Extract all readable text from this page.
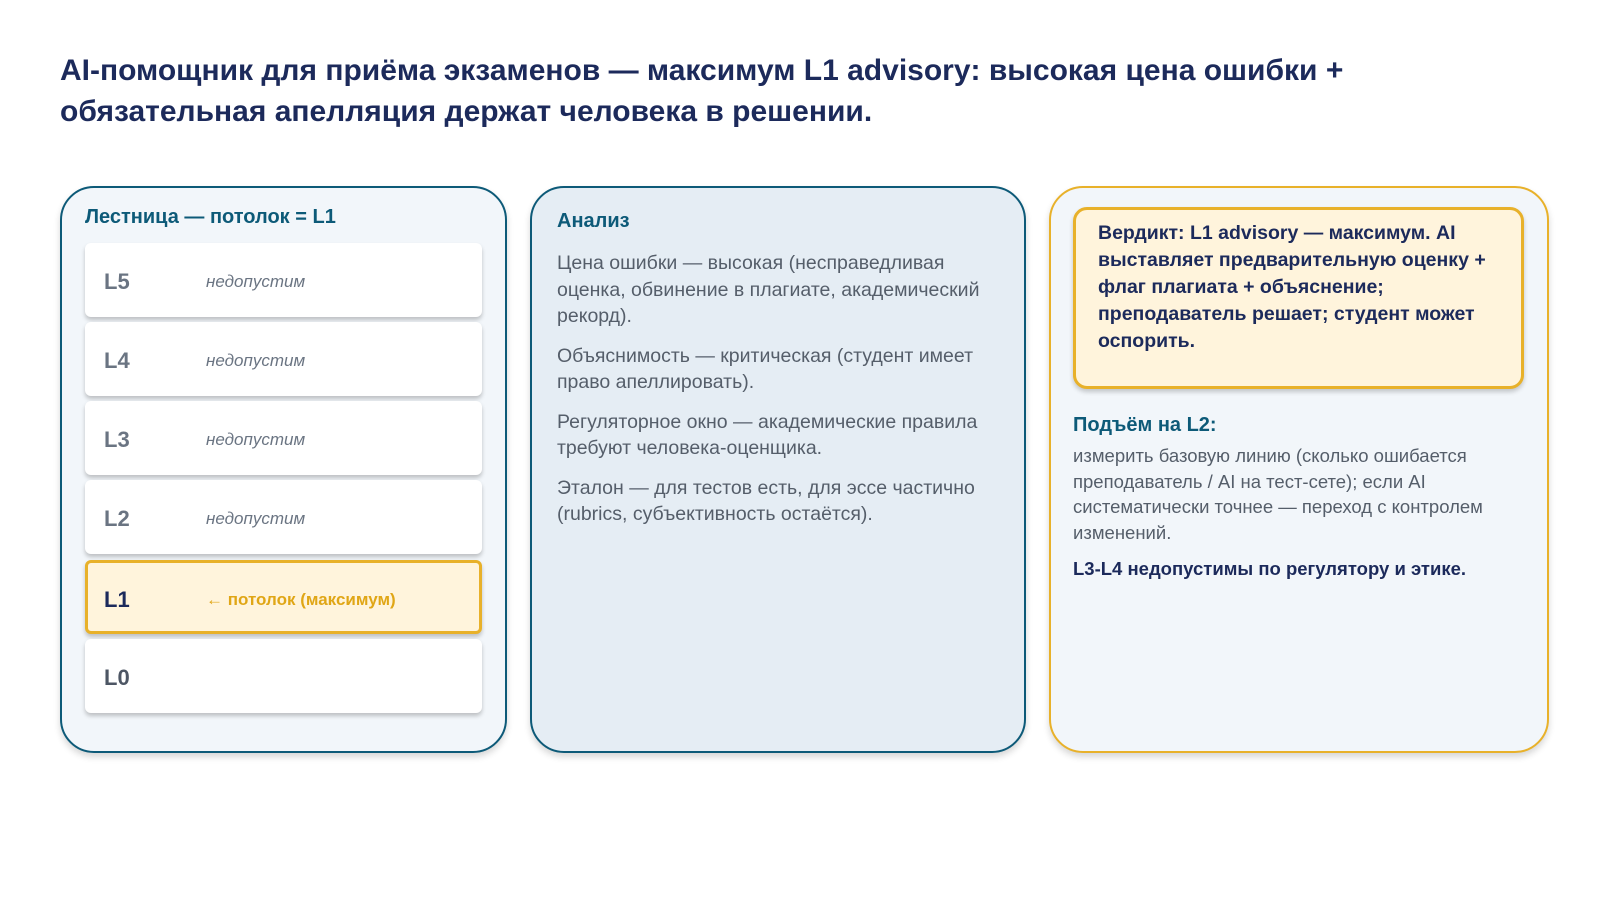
AI-помощник для приёма экзаменов — максимум L1 advisory: высокая цена ошибки + обязательная апелляция держат человека в решении.
Лестница — потолок = L1
L5	недопустим
L4	недопустим
L3	недопустим
L2	недопустим
L1	← потолок (максимум)
L0
Анализ

Цена ошибки — высокая (несправедливая оценка, обвинение в плагиате, академический рекорд).

Объяснимость — критическая (студент имеет право апеллировать).

Регуляторное окно — академические правила требуют человека-оценщика.

Эталон — для тестов есть, для эссе частично (rubrics, субъективность остаётся).

Вердикт: L1 advisory — максимум. AI выставляет предварительную оценку + флаг плагиата + объяснение; преподаватель решает; студент может оспорить.

Подъём на L2:

измерить базовую линию (сколько ошибается преподаватель / AI на тест-сете); если AI систематически точнее — переход с контролем изменений.

L3-L4 недопустимы по регулятору и этике.
